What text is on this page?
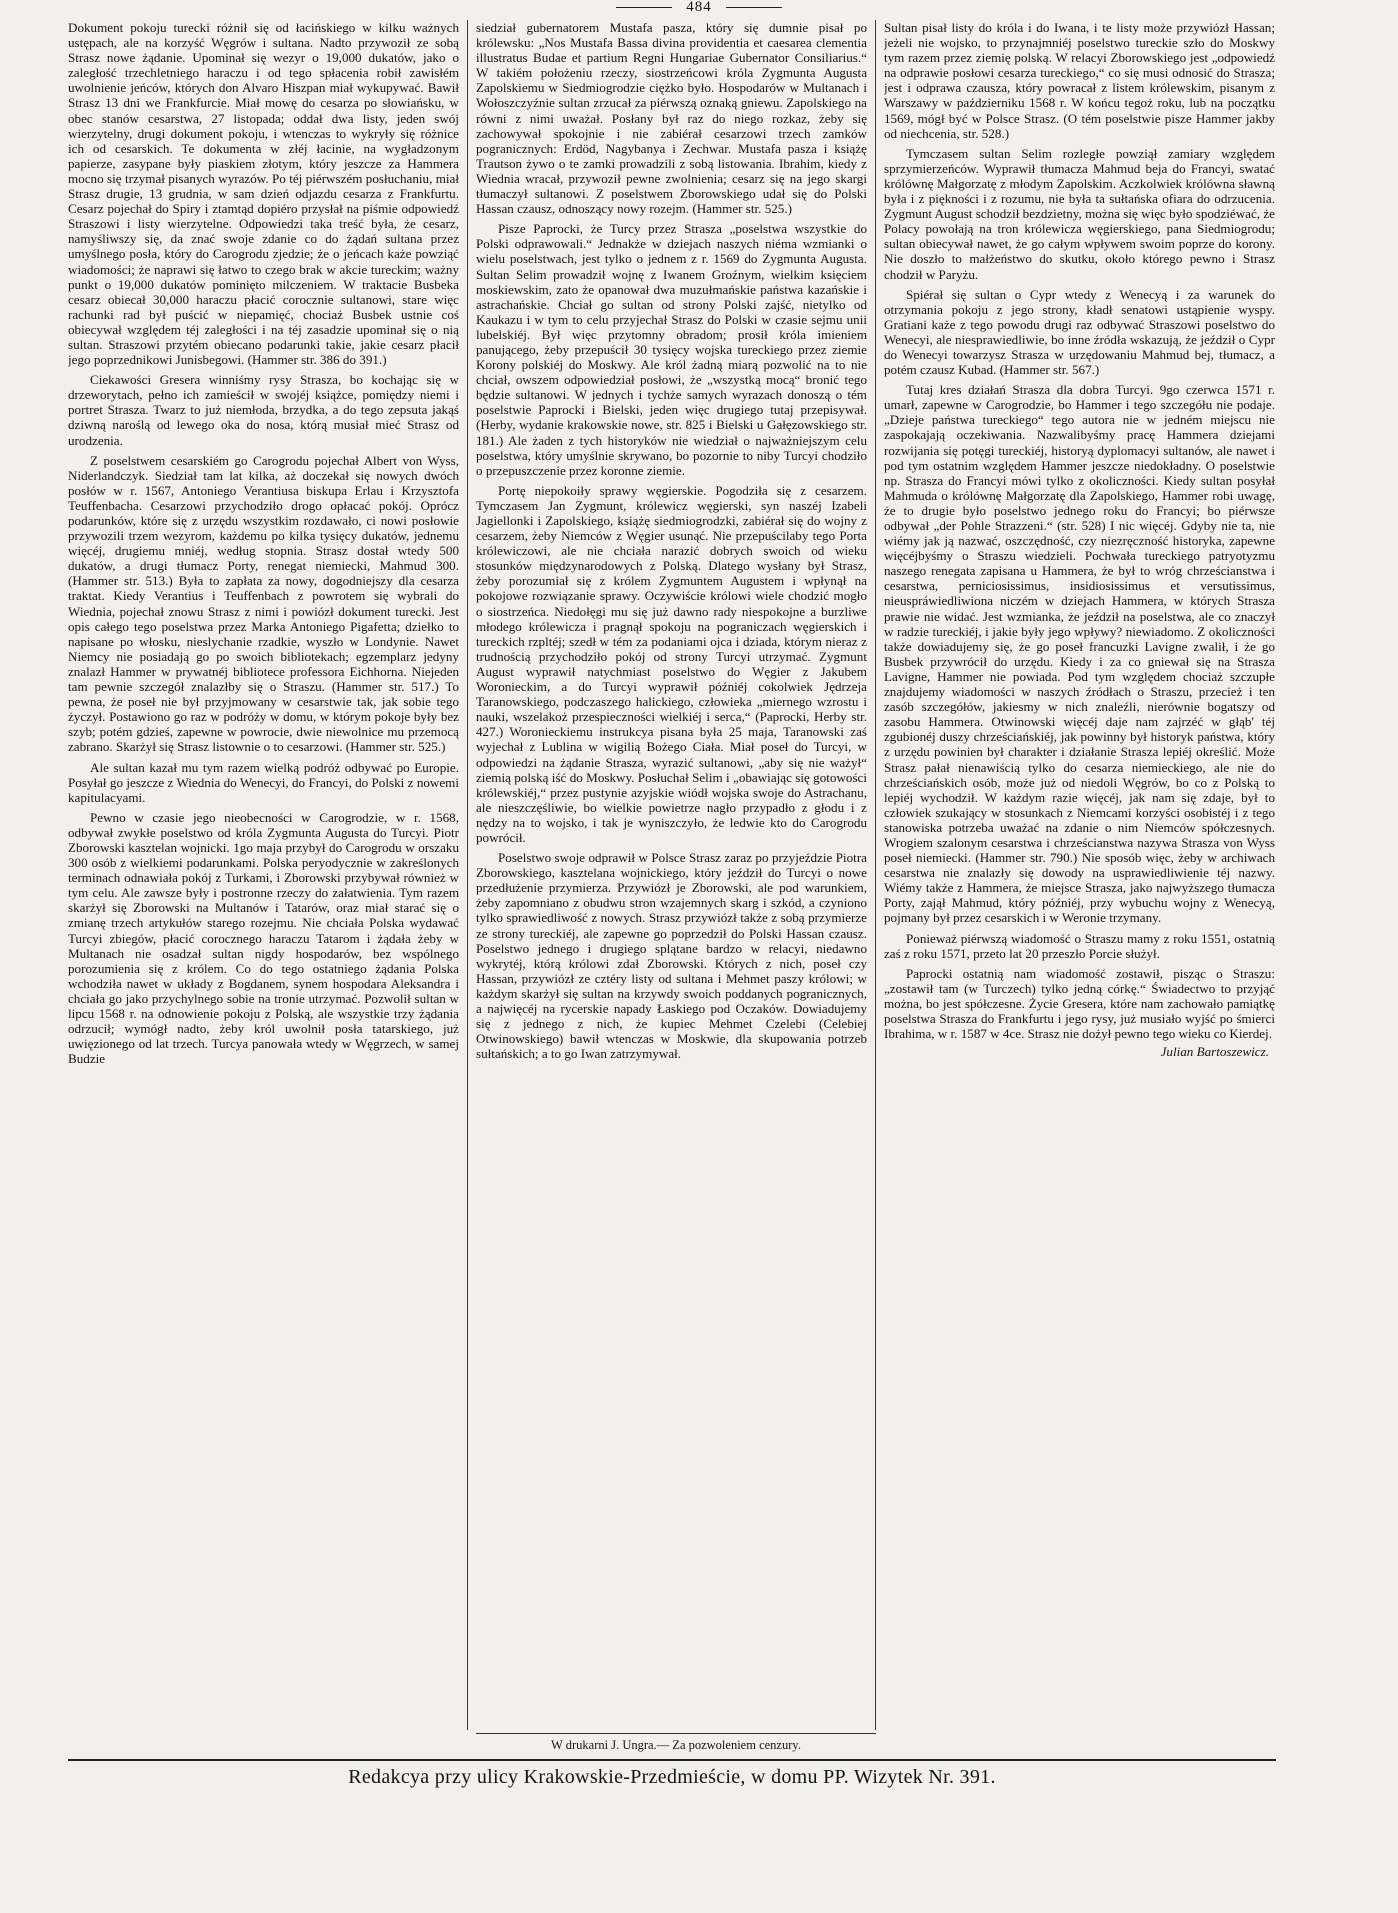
484

Dokument pokoju turecki różnił się od łacińskiego w kilku ważnych ustępach, ale na korzyść Węgrów i sultana. Nadto przywoził ze sobą Strasz nowe żądanie. Upominał się wezyr o 19,000 dukatów, jako o zaległość trzechletniego haraczu i od tego spłacenia robił zawisłém uwolnienie jeńców, których don Alvaro Hiszpan miał wykupywać. Bawił Strasz 13 dni we Frankfurcie. Miał mowę do cesarza po słowiańsku, w obec stanów cesarstwa, 27 listopada; oddał dwa listy, jeden swój wierzytelny, drugi dokument pokoju, i wtenczas to wykryły się różnice ich od cesarskich. Te dokumenta w złéj łacinie, na wygładzonym papierze, zasypane były piaskiem złotym, który jeszcze za Hammera mocno się trzymał pisanych wyrazów. Po téj piérwszém posłuchaniu, miał Strasz drugie, 13 grudnia, w sam dzień odjazdu cesarza z Frankfurtu. Cesarz pojechał do Spiry i ztamtąd dopiéro przysłał na piśmie odpowiedź Straszowi i listy wierzytelne. Odpowiedzi taka treść była, że cesarz, namyśliwszy się, da znać swoje zdanie co do żądań sultana przez umyślnego posła, który do Carogrodu zjedzie; że o jeńcach każe powziąć wiadomości; że naprawi się łatwo to czego brak w akcie tureckim; ważny punkt o 19,000 dukatów pominięto milczeniem. W traktacie Busbeka cesarz obiecał 30,000 haraczu płacić corocznie sultanowi, stare więc rachunki rad był puścić w niepamięć, chociaż Busbek ustnie coś obiecywał względem téj zaległości i na téj zasadzie upominał się o nią sultan. Straszowi przytém obiecano podarunki takie, jakie cesarz płacił jego poprzednikowi Junisbegowi. (Hammer str. 386 do 391.)

Ciekawości Gresera winniśmy rysy Strasza, bo kochając się w drzeworytach, pełno ich zamieścił w swojéj książce, pomiędzy niemi i portret Strasza. Twarz to już niemłoda, brzydka, a do tego zepsuta jakąś dziwną naroślą od lewego oka do nosa, którą musiał mieć Strasz od urodzenia.

Z poselstwem cesarskiém go Carogrodu pojechał Albert von Wyss, Niderlandczyk. Siedział tam lat kilka, aż doczekał się nowych dwóch posłów w r. 1567, Antoniego Verantiusa biskupa Erlau i Krzysztofa Teuffenbacha. Cesarzowi przychodziło drogo opłacać pokój. Oprócz podarunków, które się z urzędu wszystkim rozdawało, ci nowi posłowie przywozili trzem wezyrom, każdemu po kilka tysięcy dukatów, jednemu więcéj, drugiemu mniéj, według stopnia. Strasz dostał wtedy 500 dukatów, a drugi tłumacz Porty, renegat niemiecki, Mahmud 300. (Hammer str. 513.) Była to zapłata za nowy, dogodniejszy dla cesarza traktat. Kiedy Verantius i Teuffenbach z powrotem się wybrali do Wiednia, pojechał znowu Strasz z nimi i powiózł dokument turecki. Jest opis całego tego poselstwa przez Marka Antoniego Pigafetta; dziełko to napisane po włosku, nieslychanie rzadkie, wyszło w Londynie. Nawet Niemcy nie posiadają go po swoich bibliotekach; egzemplarz jedyny znalazł Hammer w prywatnéj bibliotece professora Eichhorna. Niejeden tam pewnie szczegół znalazłby się o Straszu. (Hammer str. 517.) To pewna, że poseł nie był przyjmowany w cesarstwie tak, jak sobie tego życzył. Postawiono go raz w podróży w domu, w którym pokoje były bez szyb; potém gdzieś, zapewne w powrocie, dwie niewolnice mu przemocą zabrano. Skarżył się Strasz listownie o to cesarzowi. (Hammer str. 525.)

Ale sultan kazał mu tym razem wielką podróż odbywać po Europie. Posyłał go jeszcze z Wiednia do Wenecyi, do Francyi, do Polski z nowemi kapitulacyami.

Pewno w czasie jego nieobecności w Carogrodzie, w r. 1568, odbywał zwykłe poselstwo od króla Zygmunta Augusta do Turcyi. Piotr Zborowski kasztelan wojnicki. 1go maja przybył do Carogrodu w orszaku 300 osób z wielkiemi podarunkami. Polska peryodycznie w zakreślonych terminach odnawiała pokój z Turkami, i Zborowski przybywał również w tym celu. Ale zawsze były i postronne rzeczy do załatwienia. Tym razem skarżył się Zborowski na Multanów i Tatarów, oraz miał starać się o zmianę trzech artykułów starego rozejmu. Nie chciała Polska wydawać Turcyi zbiegów, płacić corocznego haraczu Tatarom i żądała żeby w Multanach nie osadzał sultan nigdy hospodarów, bez wspólnego porozumienia się z królem. Co do tego ostatniego żądania Polska wchodziła nawet w układy z Bogdanem, synem hospodara Aleksandra i chciała go jako przychylnego sobie na tronie utrzymać. Pozwolił sultan w lipcu 1568 r. na odnowienie pokoju z Polską, ale wszystkie trzy żądania odrzucił; wymógł nadto, żeby król uwolnił posła tatarskiego, już uwięzionego od lat trzech. Turcya panowała wtedy w Węgrzech, w samej Budzie

siedział gubernatorem Mustafa pasza, który się dumnie pisał po królewsku: „Nos Mustafa Bassa divina providentia et caesarea clementia illustratus Budae et partium Regni Hungariae Gubernator Consiliarius.“ W takiém położeniu rzeczy, siostrzeńcowi króla Zygmunta Augusta Zapolskiemu w Siedmiogrodzie ciężko było. Hospodarów w Multanach i Wołoszczyźnie sultan zrzucał za piérwszą oznaką gniewu. Zapolskiego na równi z nimi uważał. Posłany był raz do niego rozkaz, żeby się zachowywał spokojnie i nie zabiérał cesarzowi trzech zamków pogranicznych: Erdöd, Nagybanya i Zechwar. Mustafa pasza i książę Trautson żywo o te zamki prowadzili z sobą listowania. Ibrahim, kiedy z Wiednia wracał, przywoził pewne zwolnienia; cesarz się na jego skargi tłumaczył sultanowi. Z poselstwem Zborowskiego udał się do Polski Hassan czausz, odnoszący nowy rozejm. (Hammer str. 525.)

Pisze Paprocki, że Turcy przez Strasza „poselstwa wszystkie do Polski odprawowali.“ Jednakże w dziejach naszych niéma wzmianki o wielu poselstwach, jest tylko o jednem z r. 1569 do Zygmunta Augusta. Sultan Selim prowadził wojnę z Iwanem Groźnym, wielkim księciem moskiewskim, zato że opanował dwa muzułmańskie państwa kazańskie i astrachańskie. Chciał go sultan od strony Polski zajść, nietylko od Kaukazu i w tym to celu przyjechał Strasz do Polski w czasie sejmu unii lubelskiéj. Był więc przytomny obradom; prosił króla imieniem panującego, żeby przepuścił 30 tysięcy wojska tureckiego przez ziemie Korony polskiéj do Moskwy. Ale król żadną miarą pozwolić na to nie chciał, owszem odpowiedział posłowi, że „wszystką mocą“ bronić tego będzie sultanowi. W jednych i tychże samych wyrazach donoszą o tém poselstwie Paprocki i Bielski, jeden więc drugiego tutaj przepisywał. (Herby, wydanie krakowskie nowe, str. 825 i Bielski u Gałęzowskiego str. 181.) Ale żaden z tych historyków nie wiedział o najważniejszym celu poselstwa, który umyślnie skrywano, bo pozornie to niby Turcyi chodziło o przepuszczenie przez koronne ziemie.

Portę niepokoiły sprawy węgierskie. Pogodziła się z cesarzem. Tymczasem Jan Zygmunt, królewicz węgierski, syn naszéj Izabeli Jagiellonki i Zapolskiego, książę siedmiogrodzki, zabiérał się do wojny z cesarzem, żeby Niemców z Węgier usunąć. Nie przepuścilaby tego Porta królewiczowi, ale nie chciała narazić dobrych swoich od wieku stosunków międzynarodowych z Polską. Dlatego wysłany był Strasz, żeby porozumiał się z królem Zygmuntem Augustem i wpłynął na pokojowe rozwiązanie sprawy. Oczywiście królowi wiele chodzić mogło o siostrzeńca. Niedołęgi mu się już dawno rady niespokojne a burzliwe młodego królewicza i pragnął spokoju na pograniczach węgierskich i tureckich rzpltéj; szedł w tém za podaniami ojca i dziada, którym nieraz z trudnością przychodziło pokój od strony Turcyi utrzymać. Zygmunt August wyprawił natychmiast poselstwo do Węgier z Jakubem Woronieckim, a do Turcyi wyprawił późniéj cokolwiek Jędrzeja Taranowskiego, podczaszego halickiego, człowieka „miernego wzrostu i nauki, wszelakoż przespieczności wielkiéj i serca,“ (Paprocki, Herby str. 427.) Woronieckiemu instrukcya pisana była 25 maja, Taranowski zaś wyjechał z Lublina w wigilią Bożego Ciała. Miał poseł do Turcyi, w odpowiedzi na żądanie Strasza, wyrazić sultanowi, „aby się nie ważył“ ziemią polską iść do Moskwy. Posłuchał Selim i „obawiając się gotowości królewskiéj,“ przez pustynie azyjskie wiódł wojska swoje do Astrachanu, ale nieszczęśliwie, bo wielkie powietrze nagło przypadło z głodu i z nędzy na to wojsko, i tak je wyniszczyło, że ledwie kto do Carogrodu powrócił.

Poselstwo swoje odprawił w Polsce Strasz zaraz po przyjeździe Piotra Zborowskiego, kasztelana wojnickiego, który jeździł do Turcyi o nowe przedłużenie przymierza. Przywiózł je Zborowski, ale pod warunkiem, żeby zapomniano z obudwu stron wzajemnych skarg i szkód, a czyniono tylko sprawiedliwość z nowych. Strasz przywiózł także z sobą przymierze ze strony tureckiéj, ale zapewne go poprzedził do Polski Hassan czausz. Poselstwo jednego i drugiego splątane bardzo w relacyi, niedawno wykrytéj, którą królowi zdał Zborowski. Których z nich, poseł czy Hassan, przywiózł ze cztéry listy od sultana i Mehmet paszy królowi; w każdym skarżył się sultan na krzywdy swoich poddanych pogranicznych, a najwięcéj na rycerskie napady Łaskiego pod Oczaków. Dowiadujemy się z jednego z nich, że kupiec Mehmet Czelebi (Celebiej Otwinowskiego) bawił wtenczas w Moskwie, dla skupowania potrzeb sułtańskich; a to go Iwan zatrzymywał.

Sultan pisał listy do króla i do Iwana, i te listy może przywiózł Hassan; jeżeli nie wojsko, to przynajmniéj poselstwo tureckie szło do Moskwy tym razem przez ziemię polską. W relacyi Zborowskiego jest „odpowiedź na odprawie posłowi cesarza tureckiego,“ co się musi odnosić do Strasza; jest i odprawa czausza, który powracał z listem królewskim, pisanym z Warszawy w październiku 1568 r. W końcu tegoż roku, lub na początku 1569, mógł być w Polsce Strasz. (O tém poselstwie pisze Hammer jakby od niechcenia, str. 528.)

Tymczasem sultan Selim rozległe powziął zamiary względem sprzymierzeńców. Wyprawił tłumacza Mahmud beja do Francyi, swatać królównę Małgorzatę z młodym Zapolskim. Aczkolwiek królówna sławną była i z piękności i z rozumu, nie była ta sułtańska ofiara do odrzucenia. Zygmunt August schodził bezdzietny, można się więc było spodziéwać, że Polacy powołają na tron królewicza węgierskiego, pana Siedmiogrodu; sultan obiecywał nawet, że go całym wpływem swoim poprze do korony. Nie doszło to małżeństwo do skutku, około którego pewno i Strasz chodził w Paryżu.

Spiérał się sultan o Cypr wtedy z Wenecyą i za warunek do otrzymania pokoju z jego strony, kładł senatowi ustąpienie wyspy. Gratiani każe z tego powodu drugi raz odbywać Straszowi poselstwo do Wenecyi, ale niesprawiedliwie, bo inne źródła wskazują, że jeździł o Cypr do Wenecyi towarzysz Strasza w urzędowaniu Mahmud bej, tłumacz, a potém czausz Kubad. (Hammer str. 567.)

Tutaj kres działań Strasza dla dobra Turcyi. 9go czerwca 1571 r. umarł, zapewne w Carogrodzie, bo Hammer i tego szczegółu nie podaje. „Dzieje państwa tureckiego“ tego autora nie w jedném miejscu nie zaspokajają oczekiwania. Nazwalibyśmy pracę Hammera dziejami rozwijania się potęgi tureckiéj, historyą dyplomacyi sultanów, ale nawet i pod tym ostatnim względem Hammer jeszcze niedokładny. O poselstwie np. Strasza do Francyi mówi tylko z okoliczności. Kiedy sultan posyłał Mahmuda o królównę Małgorzatę dla Zapolskiego, Hammer robi uwagę, że to drugie było poselstwo jednego roku do Francyi; bo piérwsze odbywał „der Pohle Strazzeni.“ (str. 528) I nic więcéj. Gdyby nie ta, nie wiémy jak ją nazwać, oszczędność, czy niezręczność historyka, zapewne więcéjbyśmy o Straszu wiedzieli. Pochwała tureckiego patryotyzmu naszego renegata zapisana u Hammera, że był to wróg chrześcianstwa i cesarstwa, perniciosissimus, insidiosissimus et versutissimus, nieuspráwiedliwiona niczém w dziejach Hammera, w których Strasza prawie nie widać. Jest wzmianka, że jeździł na poselstwa, ale co znaczył w radzie tureckiéj, i jakie były jego wpływy? niewiadomo. Z okoliczności także dowiadujemy się, że go poseł francuzki Lavigne zwalił, i że go Busbek przywrócił do urzędu. Kiedy i za co gniewał się na Strasza Lavigne, Hammer nie powiada. Pod tym względem chociaż szczupłe znajdujemy wiadomości w naszych źródłach o Straszu, przecież i ten zasób szczegółów, jakiesmy w nich znaleźli, nierównie bogatszy od zasobu Hammera. Otwinowski więcéj daje nam zajrzéć w głąb' téj zgubionéj duszy chrześciańskiéj, jak powinny był historyk państwa, który z urzędu powinien był charakter i działanie Strasza lepiéj określić. Może Strasz pałał nienawiścią tylko do cesarza niemieckiego, ale nie do chrześciańskich osób, może już od niedoli Węgrów, bo co z Polską to lepiéj wychodził. W każdym razie więcéj, jak nam się zdaje, był to człowiek szukający w stosunkach z Niemcami korzyści osobistéj i z tego stanowiska potrzeba uważać na zdanie o nim Niemców spółczesnych. Wrogiem szalonym cesarstwa i chrześcianstwa nazywa Strasza von Wyss poseł niemiecki. (Hammer str. 790.) Nie sposób więc, żeby w archiwach cesarstwa nie znalazły się dowody na usprawiedliwienie téj nazwy. Wiémy także z Hammera, że miejsce Strasza, jako najwyższego tłumacza Porty, zajął Mahmud, który późniéj, przy wybuchu wojny z Wenecyą, pojmany był przez cesarskich i w Weronie trzymany.

Ponieważ piérwszą wiadomość o Straszu mamy z roku 1551, ostatnią zaś z roku 1571, przeto lat 20 przeszło Porcie służył.

Paprocki ostatnią nam wiadomość zostawił, pisząc o Straszu: „zostawił tam (w Turczech) tylko jedną córkę.“ Świadectwo to przyjąć można, bo jest spółczesne. Życie Gresera, które nam zachowało pamiątkę poselstwa Strasza do Frankfurtu i jego rysy, już musiało wyjść po śmierci Ibrahima, w r. 1587 w 4ce. Strasz nie dożył pewno tego wieku co Kierdej.

Julian Bartoszewicz.
W drukarni J. Ungra.— Za pozwoleniem cenzury.
Redakcya przy ulicy Krakowskie-Przedmieście, w domu PP. Wizytek Nr. 391.
